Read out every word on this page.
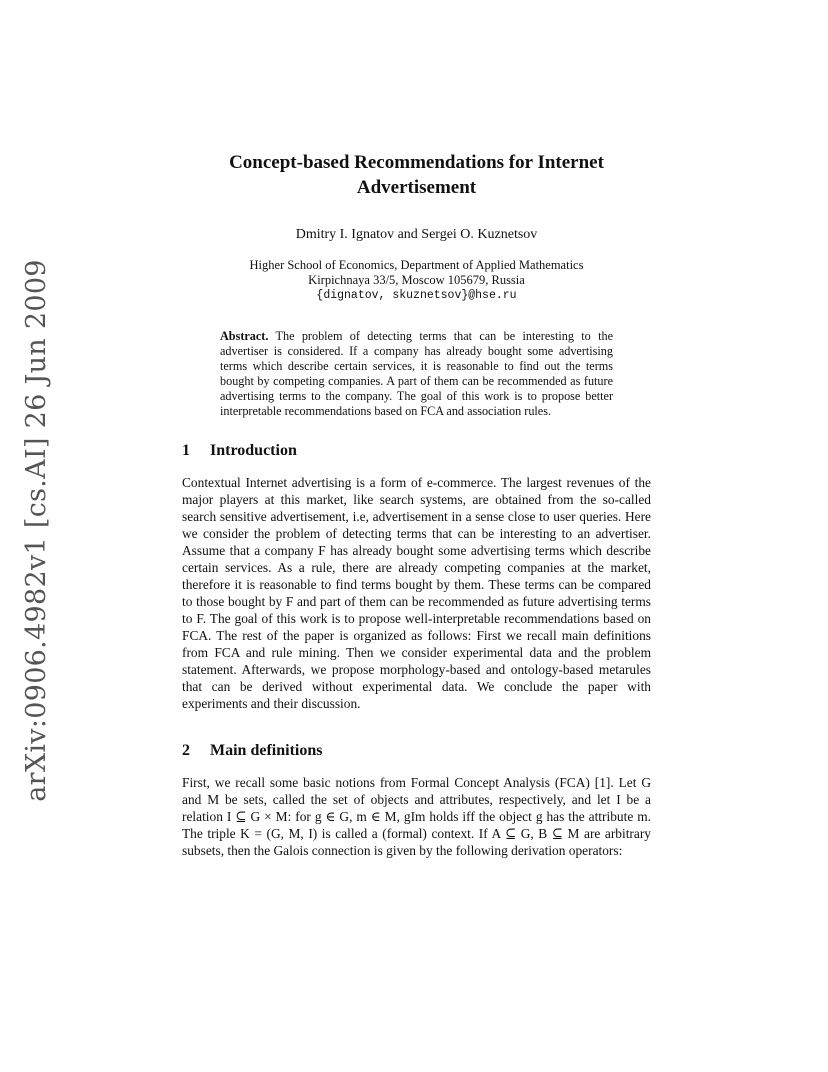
arXiv:0906.4982v1 [cs.AI] 26 Jun 2009
Concept-based Recommendations for Internet
Advertisement
Dmitry I. Ignatov and Sergei O. Kuznetsov
Higher School of Economics, Department of Applied Mathematics
Kirpichnaya 33/5, Moscow 105679, Russia
{dignatov, skuznetsov}@hse.ru
Abstract. The problem of detecting terms that can be interesting to the advertiser is considered. If a company has already bought some advertising terms which describe certain services, it is reasonable to find out the terms bought by competing companies. A part of them can be recommended as future advertising terms to the company. The goal of this work is to propose better interpretable recommendations based on FCA and association rules.
1 Introduction

Contextual Internet advertising is a form of e-commerce. The largest revenues of the major players at this market, like search systems, are obtained from the so-called search sensitive advertisement, i.e, advertisement in a sense close to user queries. Here we consider the problem of detecting terms that can be interesting to an advertiser. Assume that a company F has already bought some advertising terms which describe certain services. As a rule, there are already competing companies at the market, therefore it is reasonable to find terms bought by them. These terms can be compared to those bought by F and part of them can be recommended as future advertising terms to F. The goal of this work is to propose well-interpretable recommendations based on FCA. The rest of the paper is organized as follows: First we recall main definitions from FCA and rule mining. Then we consider experimental data and the problem statement. Afterwards, we propose morphology-based and ontology-based metarules that can be derived without experimental data. We conclude the paper with experiments and their discussion.

2 Main definitions

First, we recall some basic notions from Formal Concept Analysis (FCA) [1]. Let G and M be sets, called the set of objects and attributes, respectively, and let I be a relation I ⊆ G × M: for g ∈ G, m ∈ M, gIm holds iff the object g has the attribute m. The triple K = (G, M, I) is called a (formal) context. If A ⊆ G, B ⊆ M are arbitrary subsets, then the Galois connection is given by the following derivation operators:
